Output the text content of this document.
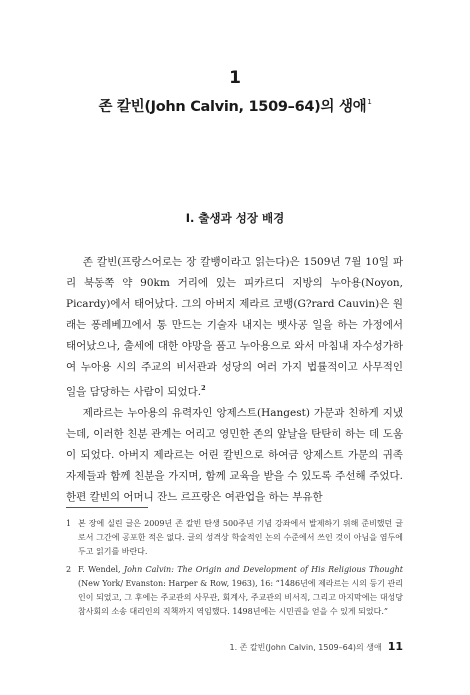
1
존 칼빈(John Calvin, 1509–64)의 생애$^1$
I. 출생과 성장 배경

존 칼빈(프랑스어로는 장 칼뱅이라고 읽는다)은 1509년 7월 10일 파리 북동쪽 약 90km 거리에 있는 피카르디 지방의 누아용(Noyon, Picardy)에서 태어났다. 그의 아버지 제라르 코뱅(G?rard Cauvin)은 원래는 퐁레베끄에서 통 만드는 기술자 내지는 뱃사공 일을 하는 가정에서 태어났으나, 출세에 대한 야망을 품고 누아용으로 와서 마침내 자수성가하여 누아용 시의 주교의 비서관과 성당의 여러 가지 법률적이고 사무적인 일을 담당하는 사람이 되었다.$^2$

제라르는 누아용의 유력자인 앙제스트(Hangest) 가문과 친하게 지냈는데, 이러한 친분 관계는 어리고 영민한 존의 앞날을 탄탄히 하는 데 도움이 되었다. 아버지 제라르는 어린 칼빈으로 하여금 앙제스트 가문의 귀족 자제들과 함께 친분을 가지며, 함께 교육을 받을 수 있도록 주선해 주었다. 한편 칼빈의 어머니 잔느 르프랑은 여관업을 하는 부유한

1 본 장에 실린 글은 2009년 존 칼빈 탄생 500주년 기념 강좌에서 발제하기 위해 준비했던 글로서 그간에 공포한 적은 없다. 글의 성격상 학술적인 논의 수준에서 쓰인 것이 아님을 염두에 두고 읽기를 바란다.
2 F. Wendel, John Calvin: The Origin and Development of His Religious Thought (New York/ Evanston: Harper & Row, 1963), 16: “1486년에 제라르는 시의 등기 관리인이 되었고, 그 후에는 주교관의 사무관, 회계사, 주교관의 비서직, 그리고 마지막에는 대성당 참사회의 소송 대리인의 직책까지 역임했다. 1498년에는 시민권을 얻을 수 있게 되었다.”
1. 존 칼빈(John Calvin, 1509–64)의 생애 11
